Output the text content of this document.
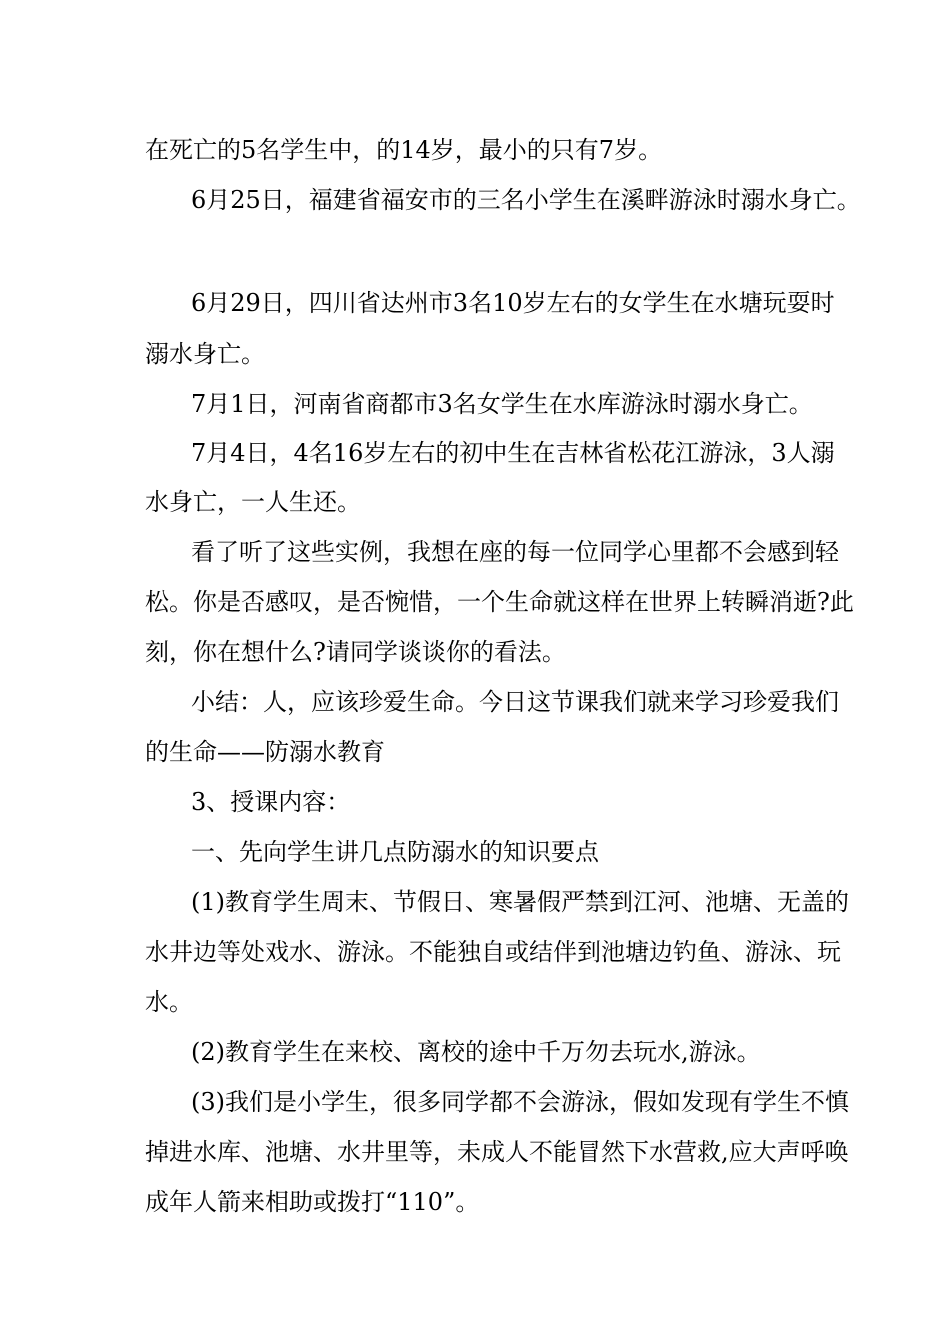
在死亡的5名学生中，的14岁，最小的只有7岁。
6月25日，福建省福安市的三名小学生在溪畔游泳时溺水身亡。
6月29日，四川省达州市3名10岁左右的女学生在水塘玩耍时
溺水身亡。
7月1日，河南省商都市3名女学生在水库游泳时溺水身亡。
7月4日，4名16岁左右的初中生在吉林省松花江游泳，3人溺
水身亡，一人生还。
看了听了这些实例，我想在座的每一位同学心里都不会感到轻
松。你是否感叹，是否惋惜，一个生命就这样在世界上转瞬消逝?此
刻，你在想什么?请同学谈谈你的看法。
小结：人，应该珍爱生命。今日这节课我们就来学习珍爱我们
的生命——防溺水教育
3、授课内容：
一、先向学生讲几点防溺水的知识要点
(1)教育学生周末、节假日、寒暑假严禁到江河、池塘、无盖的
水井边等处戏水、游泳。不能独自或结伴到池塘边钓鱼、游泳、玩
水。
(2)教育学生在来校、离校的途中千万勿去玩水,游泳。
(3)我们是小学生，很多同学都不会游泳，假如发现有学生不慎
掉进水库、池塘、水井里等，未成人不能冒然下水营救,应大声呼唤
成年人箭来相助或拨打“110”。
